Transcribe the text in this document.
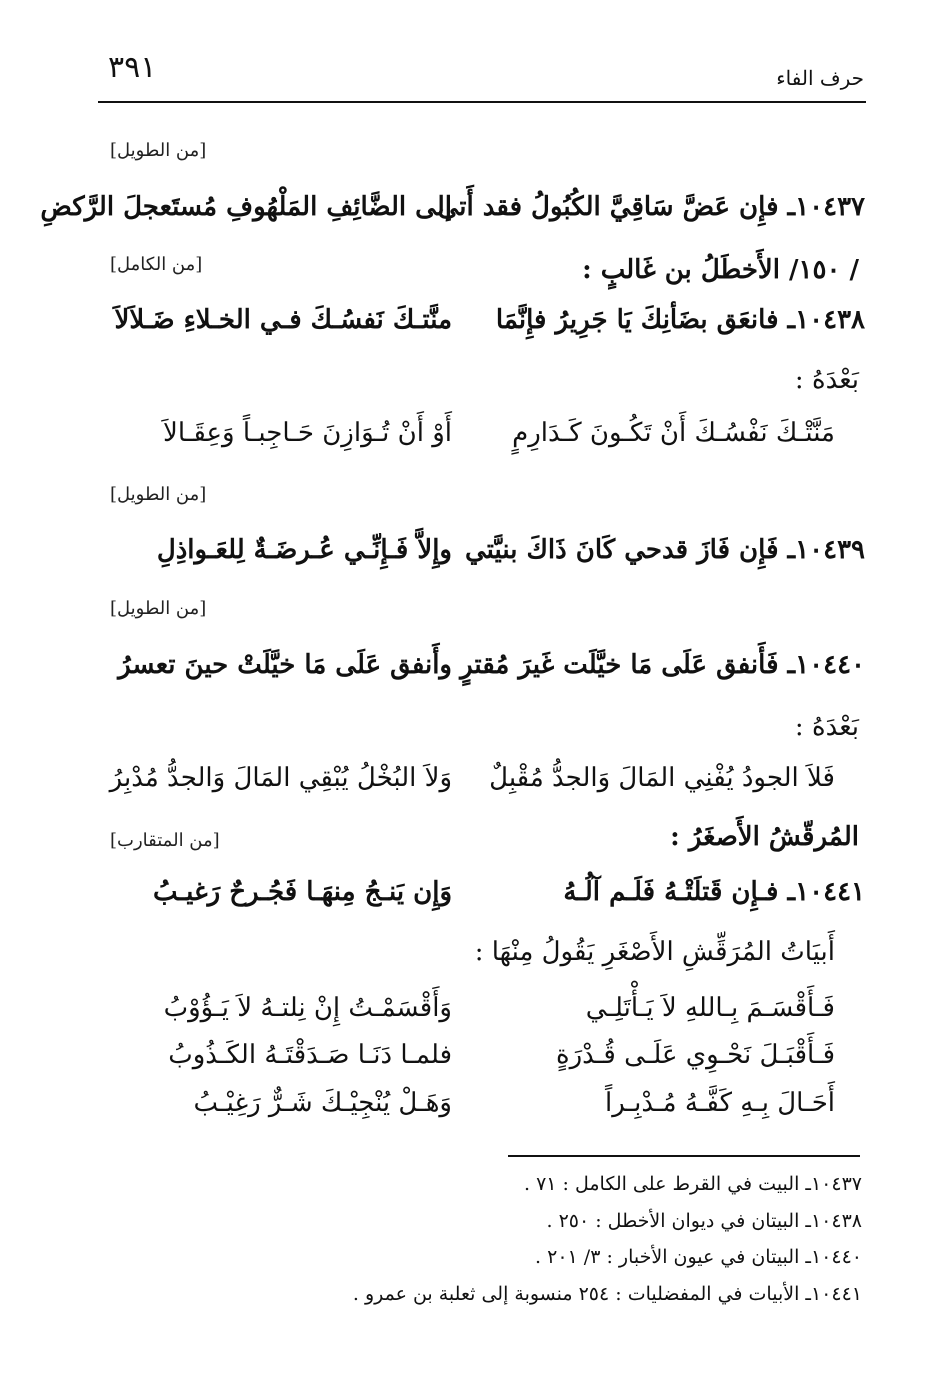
٣٩١	حرف الفاء
[من الطويل]
[من الكامل]
[من الطويل]
[من الطويل]
[من المتقارب]
١٠٤٣٧ـ فإِن عَضَّ سَاقِيَّ الكُبُولُ فقد أَتى
إلى الضَّائِفِ المَلْهُوفِ مُستَعجلَ الرَّكضِ
/ ١٥٠/ الأَخطَلُ بن غَالبٍ :
١٠٤٣٨ـ فانعَق بضَأنِكَ يَا جَرِيرُ فإِنَّمَا
منَّتـكَ نَفسُـكَ فـي الخـلاءِ ضَـلاَلاَ
بَعْدَهُ :
مَنَّتْـكَ نَفْسُـكَ أَنْ تَكُـونَ كَـدَارِمٍ
أَوْ أَنْ تُـوَازِنَ حَـاجِبـاً وَعِقَـالاَ
١٠٤٣٩ـ فَإِن فَازَ قدحي كَانَ ذَاكَ بنيَّتي
وإِلاَّ فَـإِنِّـي عُـرضَـةٌ لِلعَـواذِلِ
١٠٤٤٠ـ فَأَنفق عَلَى مَا خيَّلَت غَيرَ مُقترٍ
وأَنفق عَلَى مَا خيَّلَتْ حينَ تعسرُ
بَعْدَهُ :
فَلاَ الجودُ يُفْنِي المَالَ وَالجدُّ مُقْبِلٌ
وَلاَ البُخْلُ يُبْقِي المَالَ وَالجدُّ مُدْبِرُ
المُرقّشُ الأَصغَرُ :
١٠٤٤١ـ فـإِن قَتلَتْـهُ فَلَـم آلُـهُ
وَإِن يَنـجُ مِنهَـا فَجُـرحٌ رَغيـبُ
أَبيَاتُ المُرَقِّشِ الأَصْغَرِ يَقُولُ مِنْهَا :
فَـأَقْسَـمَ بِـاللهِ لاَ يَـأْتَلِـي
وَأَقْسَمْـتُ إِنْ نِلتـهُ لاَ يَـؤُوْبُ
فَـأَقْبَـلَ نَحْـوِي عَلَـى قُـدْرَةٍ
فلمـا دَنَـا صَـدَقْتَـهُ الكَـذُوبُ
أَحَـالَ بِـهِ كَفَّـهُ مُـدْبِـراً
وَهَـلْ يُنْجِيْـكَ شَـرٌّ رَغِيْـبُ
١٠٤٣٧ـ البيت في القرط على الكامل : ٧١ .
١٠٤٣٨ـ البيتان في ديوان الأخطل : ٢٥٠ .
١٠٤٤٠ـ البيتان في عيون الأخبار : ٣/ ٢٠١ .
١٠٤٤١ـ الأبيات في المفضليات : ٢٥٤ منسوبة إلى ثعلبة بن عمرو .
